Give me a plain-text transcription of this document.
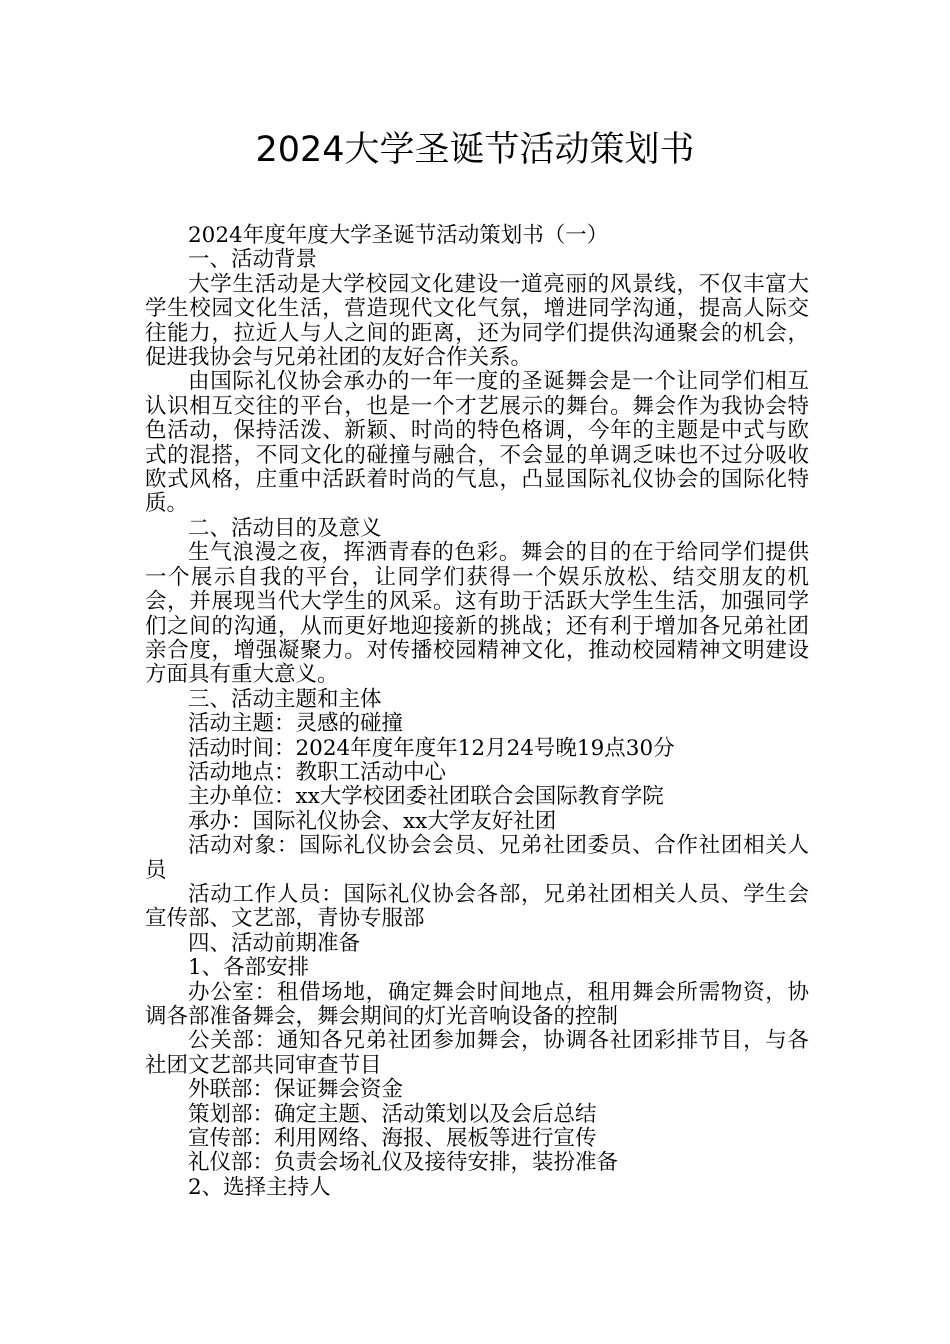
2024大学圣诞节活动策划书

2024年度年度大学圣诞节活动策划书（一）

一、活动背景

大学生活动是大学校园文化建设一道亮丽的风景线，不仅丰富大学生校园文化生活，营造现代文化气氛，增进同学沟通，提高人际交往能力，拉近人与人之间的距离，还为同学们提供沟通聚会的机会，促进我协会与兄弟社团的友好合作关系。

由国际礼仪协会承办的一年一度的圣诞舞会是一个让同学们相互认识相互交往的平台，也是一个才艺展示的舞台。舞会作为我协会特色活动，保持活泼、新颖、时尚的特色格调，今年的主题是中式与欧式的混搭，不同文化的碰撞与融合，不会显的单调乏味也不过分吸收欧式风格，庄重中活跃着时尚的气息，凸显国际礼仪协会的国际化特质。

二、活动目的及意义

生气浪漫之夜，挥洒青春的色彩。舞会的目的在于给同学们提供一个展示自我的平台，让同学们获得一个娱乐放松、结交朋友的机会，并展现当代大学生的风采。这有助于活跃大学生生活，加强同学们之间的沟通，从而更好地迎接新的挑战；还有利于增加各兄弟社团亲合度，增强凝聚力。对传播校园精神文化，推动校园精神文明建设方面具有重大意义。

三、活动主题和主体

活动主题：灵感的碰撞

活动时间：2024年度年度年12月24号晚19点30分

活动地点：教职工活动中心

主办单位：xx大学校团委社团联合会国际教育学院

承办：国际礼仪协会、xx大学友好社团

活动对象：国际礼仪协会会员、兄弟社团委员、合作社团相关人员

活动工作人员：国际礼仪协会各部，兄弟社团相关人员、学生会宣传部、文艺部，青协专服部

四、活动前期准备

1、各部安排

办公室：租借场地，确定舞会时间地点，租用舞会所需物资，协调各部准备舞会，舞会期间的灯光音响设备的控制

公关部：通知各兄弟社团参加舞会，协调各社团彩排节目，与各社团文艺部共同审查节目

外联部：保证舞会资金

策划部：确定主题、活动策划以及会后总结

宣传部：利用网络、海报、展板等进行宣传

礼仪部：负责会场礼仪及接待安排，装扮准备

2、选择主持人
